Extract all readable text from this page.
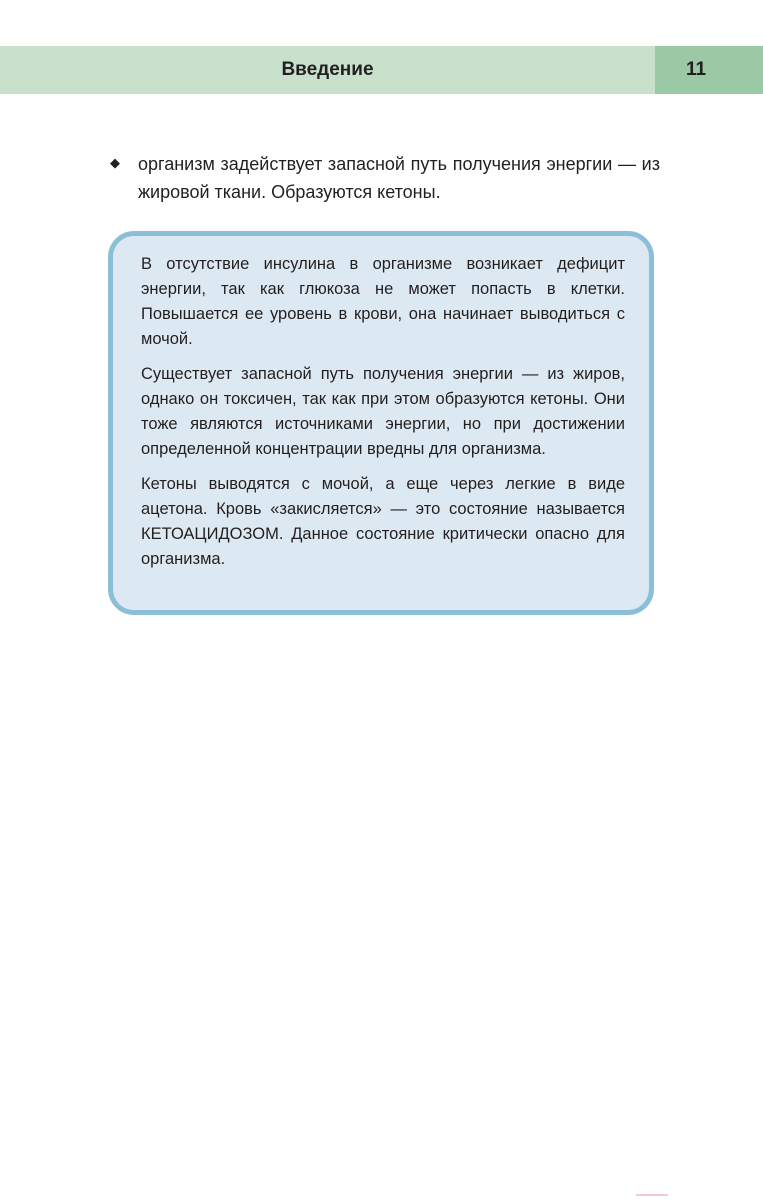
Введение	11
◆ организм задействует запасной путь получения энергии — из жировой ткани. Образуются кетоны.

В отсутствие инсулина в организме возникает дефицит энергии, так как глюкоза не может попасть в клетки. Повышается ее уровень в крови, она начинает выводиться с мочой.

Существует запасной путь получения энергии — из жиров, однако он токсичен, так как при этом образуются кетоны. Они тоже являются источниками энергии, но при достижении определенной концентрации вредны для организма.

Кетоны выводятся с мочой, а еще через легкие в виде ацетона. Кровь «закисляется» — это состояние называется КЕТОАЦИДОЗОМ. Данное состояние критически опасно для организма.
